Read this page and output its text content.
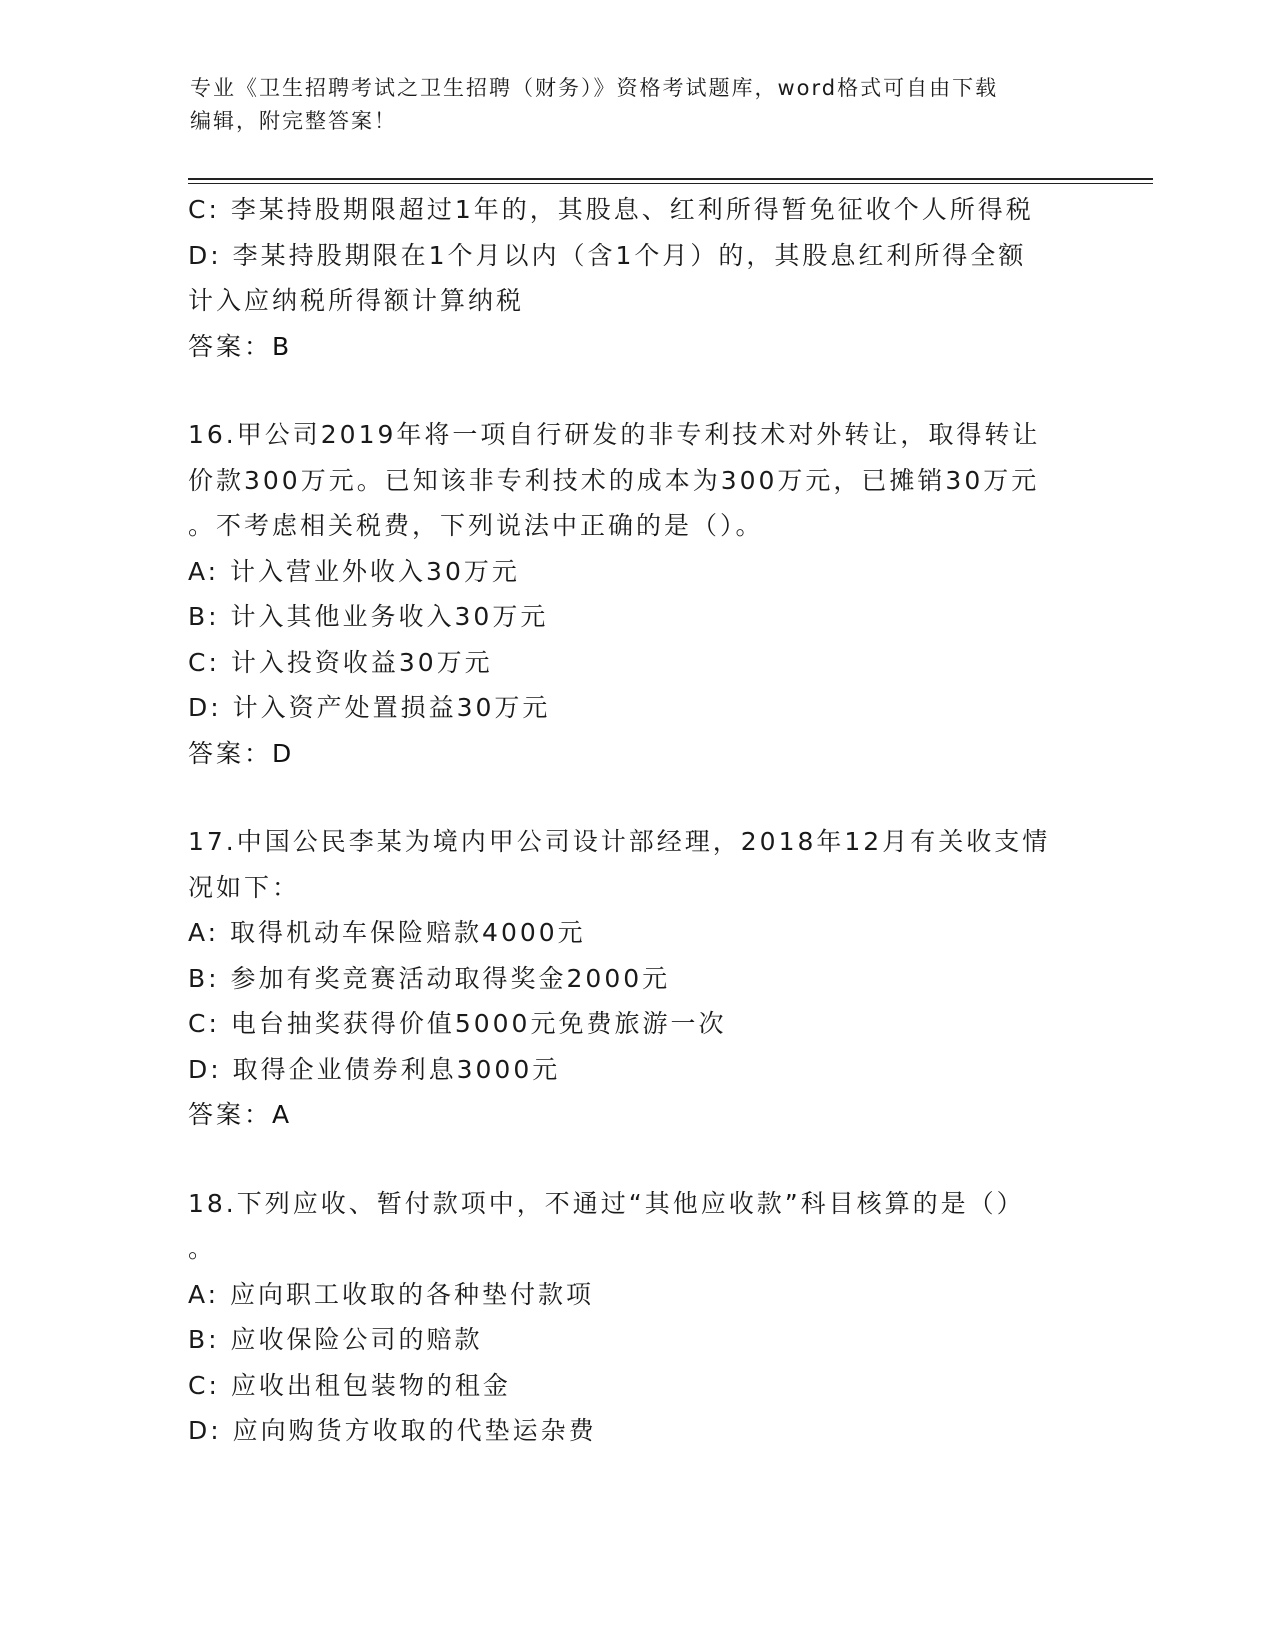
专业《卫生招聘考试之卫生招聘（财务）》资格考试题库，word格式可自由下载
编辑，附完整答案！
C: 李某持股期限超过1年的，其股息、红利所得暂免征收个人所得税
D: 李某持股期限在1个月以内（含1个月）的，其股息红利所得全额
计入应纳税所得额计算纳税
答案：B
16.甲公司2019年将一项自行研发的非专利技术对外转让，取得转让
价款300万元。已知该非专利技术的成本为300万元，已摊销30万元
。不考虑相关税费，下列说法中正确的是（）。
A: 计入营业外收入30万元
B: 计入其他业务收入30万元
C: 计入投资收益30万元
D: 计入资产处置损益30万元
答案：D
17.中国公民李某为境内甲公司设计部经理，2018年12月有关收支情
况如下：
A: 取得机动车保险赔款4000元
B: 参加有奖竞赛活动取得奖金2000元
C: 电台抽奖获得价值5000元免费旅游一次
D: 取得企业债券利息3000元
答案：A
18.下列应收、暂付款项中，不通过“其他应收款”科目核算的是（）
。
A: 应向职工收取的各种垫付款项
B: 应收保险公司的赔款
C: 应收出租包装物的租金
D: 应向购货方收取的代垫运杂费
